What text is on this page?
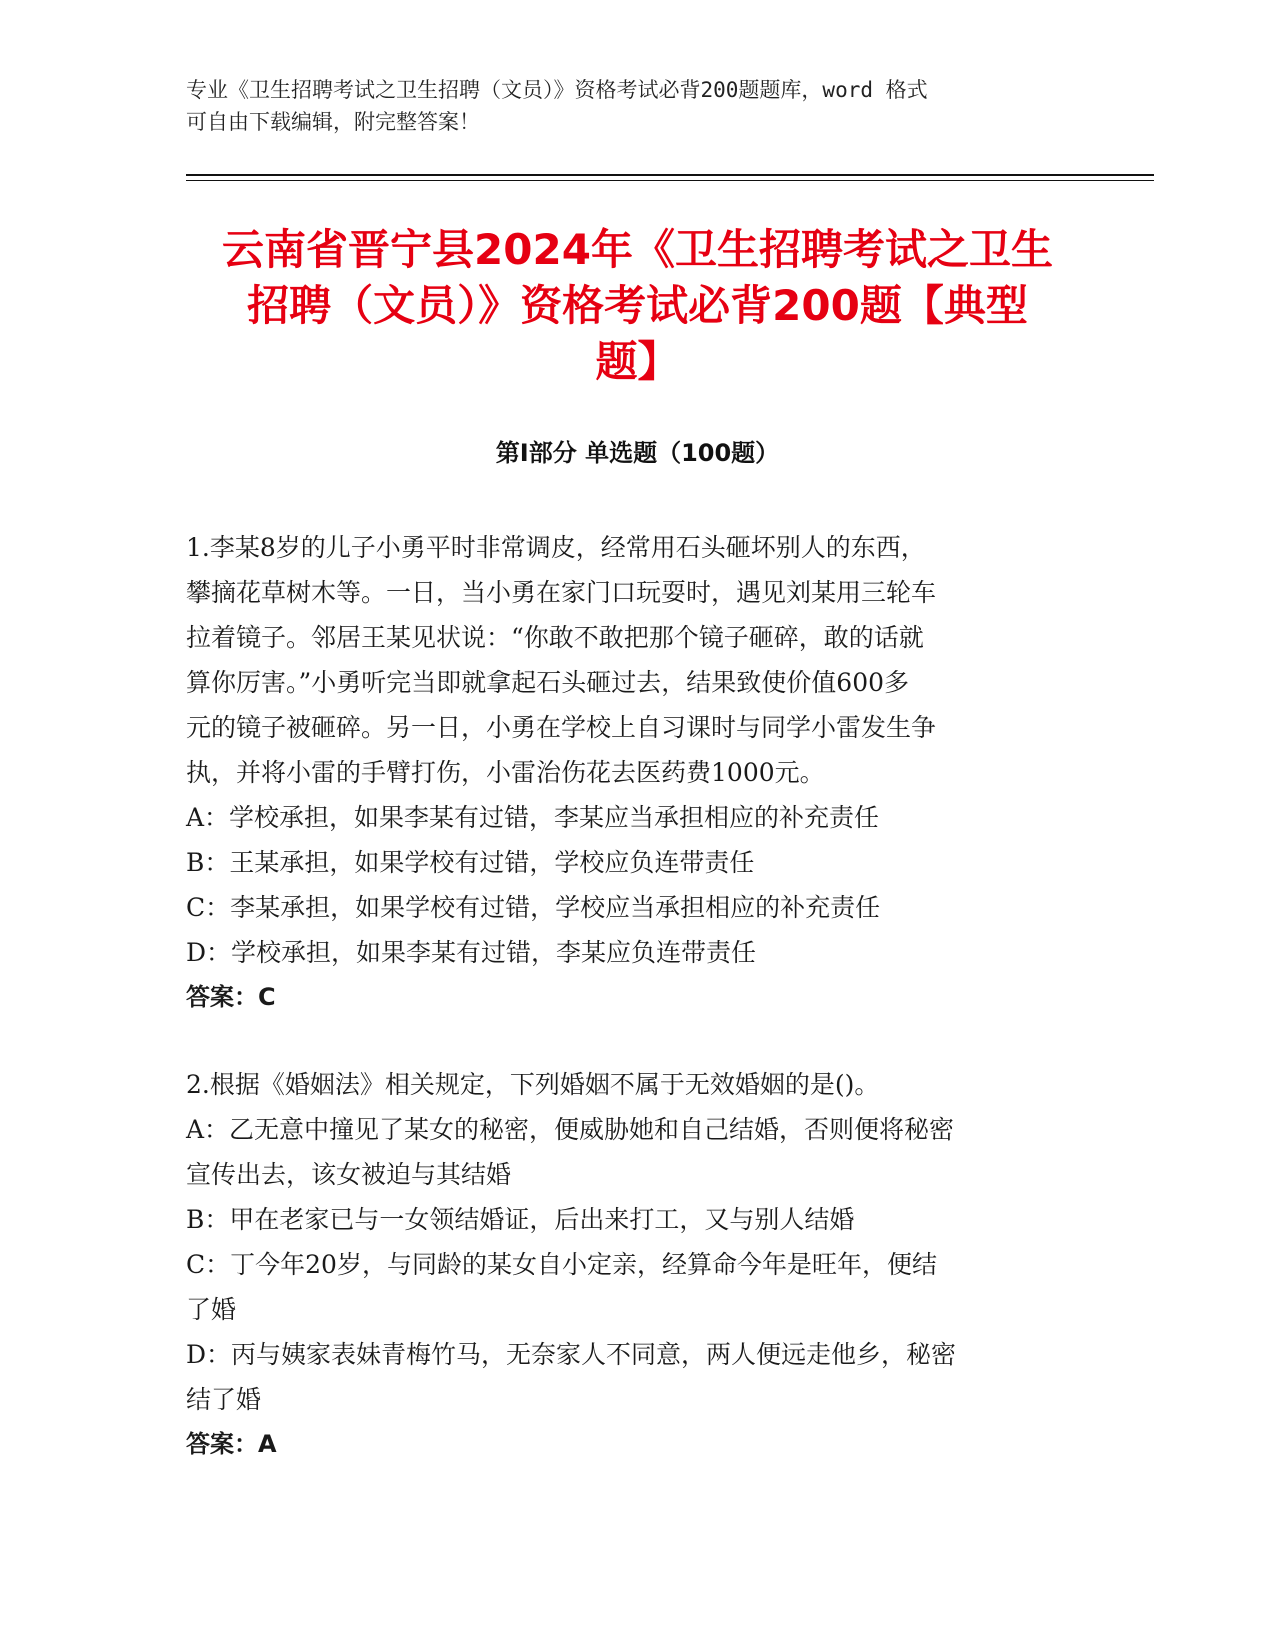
专业《卫生招聘考试之卫生招聘（文员）》资格考试必背200题题库，word 格式
可自由下载编辑，附完整答案！
云南省晋宁县2024年《卫生招聘考试之卫生
招聘（文员）》资格考试必背200题【典型
题】
第Ⅰ部分 单选题（100题）
1.李某8岁的儿子小勇平时非常调皮，经常用石头砸坏别人的东西，
攀摘花草树木等。一日，当小勇在家门口玩耍时，遇见刘某用三轮车
拉着镜子。邻居王某见状说：“你敢不敢把那个镜子砸碎，敢的话就
算你厉害。”小勇听完当即就拿起石头砸过去，结果致使价值600多
元的镜子被砸碎。另一日，小勇在学校上自习课时与同学小雷发生争
执，并将小雷的手臂打伤，小雷治伤花去医药费1000元。
A：学校承担，如果李某有过错，李某应当承担相应的补充责任
B：王某承担，如果学校有过错，学校应负连带责任
C：李某承担，如果学校有过错，学校应当承担相应的补充责任
D：学校承担，如果李某有过错，李某应负连带责任
答案：C
2.根据《婚姻法》相关规定，下列婚姻不属于无效婚姻的是()。
A：乙无意中撞见了某女的秘密，便威胁她和自己结婚，否则便将秘密
宣传出去，该女被迫与其结婚
B：甲在老家已与一女领结婚证，后出来打工，又与别人结婚
C：丁今年20岁，与同龄的某女自小定亲，经算命今年是旺年，便结
了婚
D：丙与姨家表妹青梅竹马，无奈家人不同意，两人便远走他乡，秘密
结了婚
答案：A
